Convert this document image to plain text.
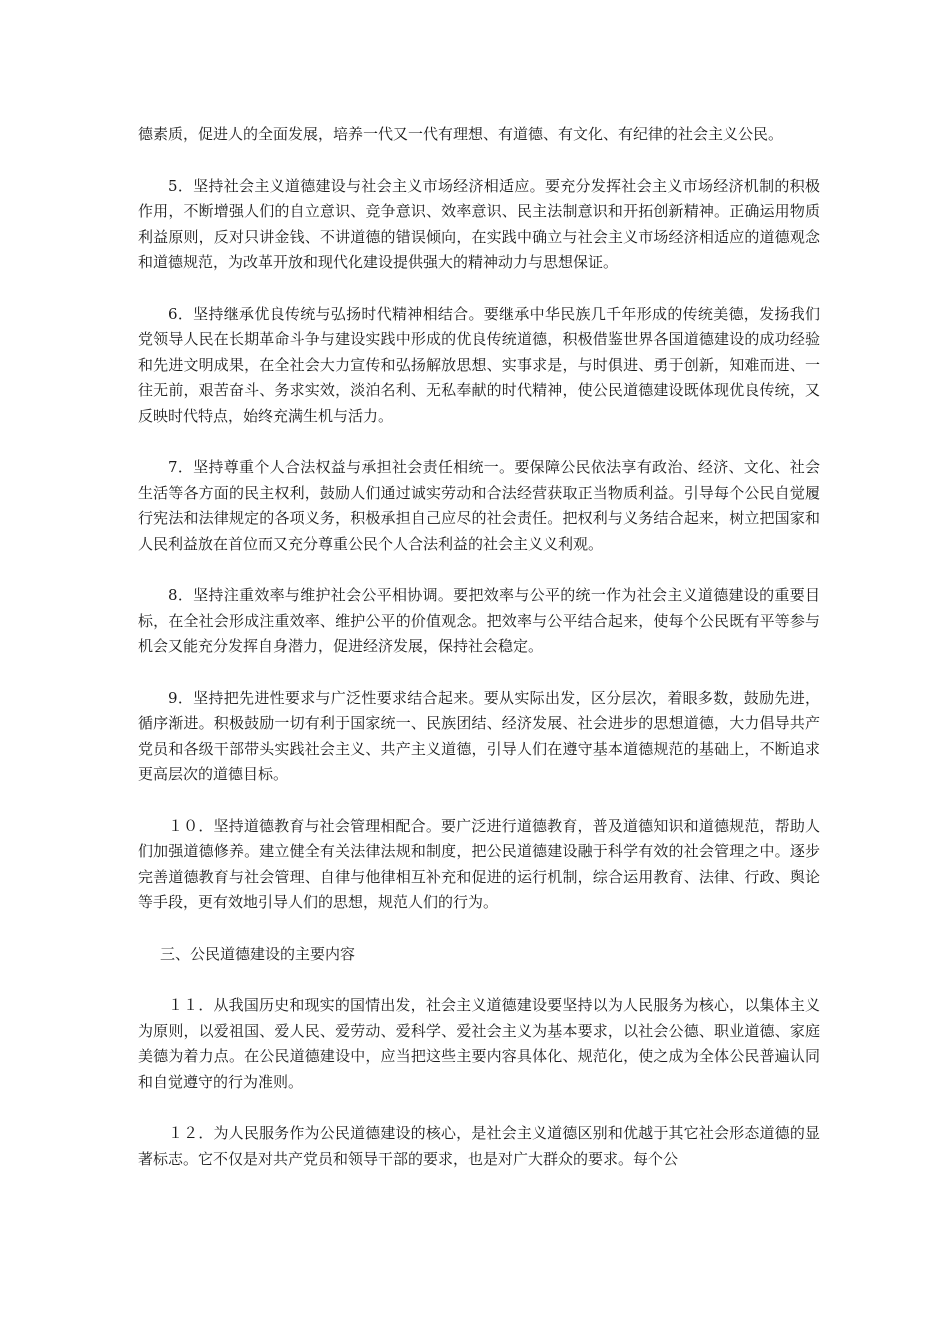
德素质，促进人的全面发展，培养一代又一代有理想、有道德、有文化、有纪律的社会主义公民。

5．坚持社会主义道德建设与社会主义市场经济相适应。要充分发挥社会主义市场经济机制的积极作用，不断增强人们的自立意识、竞争意识、效率意识、民主法制意识和开拓创新精神。正确运用物质利益原则，反对只讲金钱、不讲道德的错误倾向，在实践中确立与社会主义市场经济相适应的道德观念和道德规范，为改革开放和现代化建设提供强大的精神动力与思想保证。

6．坚持继承优良传统与弘扬时代精神相结合。要继承中华民族几千年形成的传统美德，发扬我们党领导人民在长期革命斗争与建设实践中形成的优良传统道德，积极借鉴世界各国道德建设的成功经验和先进文明成果，在全社会大力宣传和弘扬解放思想、实事求是，与时俱进、勇于创新，知难而进、一往无前，艰苦奋斗、务求实效，淡泊名利、无私奉献的时代精神，使公民道德建设既体现优良传统，又反映时代特点，始终充满生机与活力。

7．坚持尊重个人合法权益与承担社会责任相统一。要保障公民依法享有政治、经济、文化、社会生活等各方面的民主权利，鼓励人们通过诚实劳动和合法经营获取正当物质利益。引导每个公民自觉履行宪法和法律规定的各项义务，积极承担自己应尽的社会责任。把权利与义务结合起来，树立把国家和人民利益放在首位而又充分尊重公民个人合法利益的社会主义义利观。

8．坚持注重效率与维护社会公平相协调。要把效率与公平的统一作为社会主义道德建设的重要目标，在全社会形成注重效率、维护公平的价值观念。把效率与公平结合起来，使每个公民既有平等参与机会又能充分发挥自身潜力，促进经济发展，保持社会稳定。

9．坚持把先进性要求与广泛性要求结合起来。要从实际出发，区分层次，着眼多数，鼓励先进，循序渐进。积极鼓励一切有利于国家统一、民族团结、经济发展、社会进步的思想道德，大力倡导共产党员和各级干部带头实践社会主义、共产主义道德，引导人们在遵守基本道德规范的基础上，不断追求更高层次的道德目标。

１０．坚持道德教育与社会管理相配合。要广泛进行道德教育，普及道德知识和道德规范，帮助人们加强道德修养。建立健全有关法律法规和制度，把公民道德建设融于科学有效的社会管理之中。逐步完善道德教育与社会管理、自律与他律相互补充和促进的运行机制，综合运用教育、法律、行政、舆论等手段，更有效地引导人们的思想，规范人们的行为。

三、公民道德建设的主要内容

１１．从我国历史和现实的国情出发，社会主义道德建设要坚持以为人民服务为核心，以集体主义为原则，以爱祖国、爱人民、爱劳动、爱科学、爱社会主义为基本要求，以社会公德、职业道德、家庭美德为着力点。在公民道德建设中，应当把这些主要内容具体化、规范化，使之成为全体公民普遍认同和自觉遵守的行为准则。

１２．为人民服务作为公民道德建设的核心，是社会主义道德区别和优越于其它社会形态道德的显著标志。它不仅是对共产党员和领导干部的要求，也是对广大群众的要求。每个公
